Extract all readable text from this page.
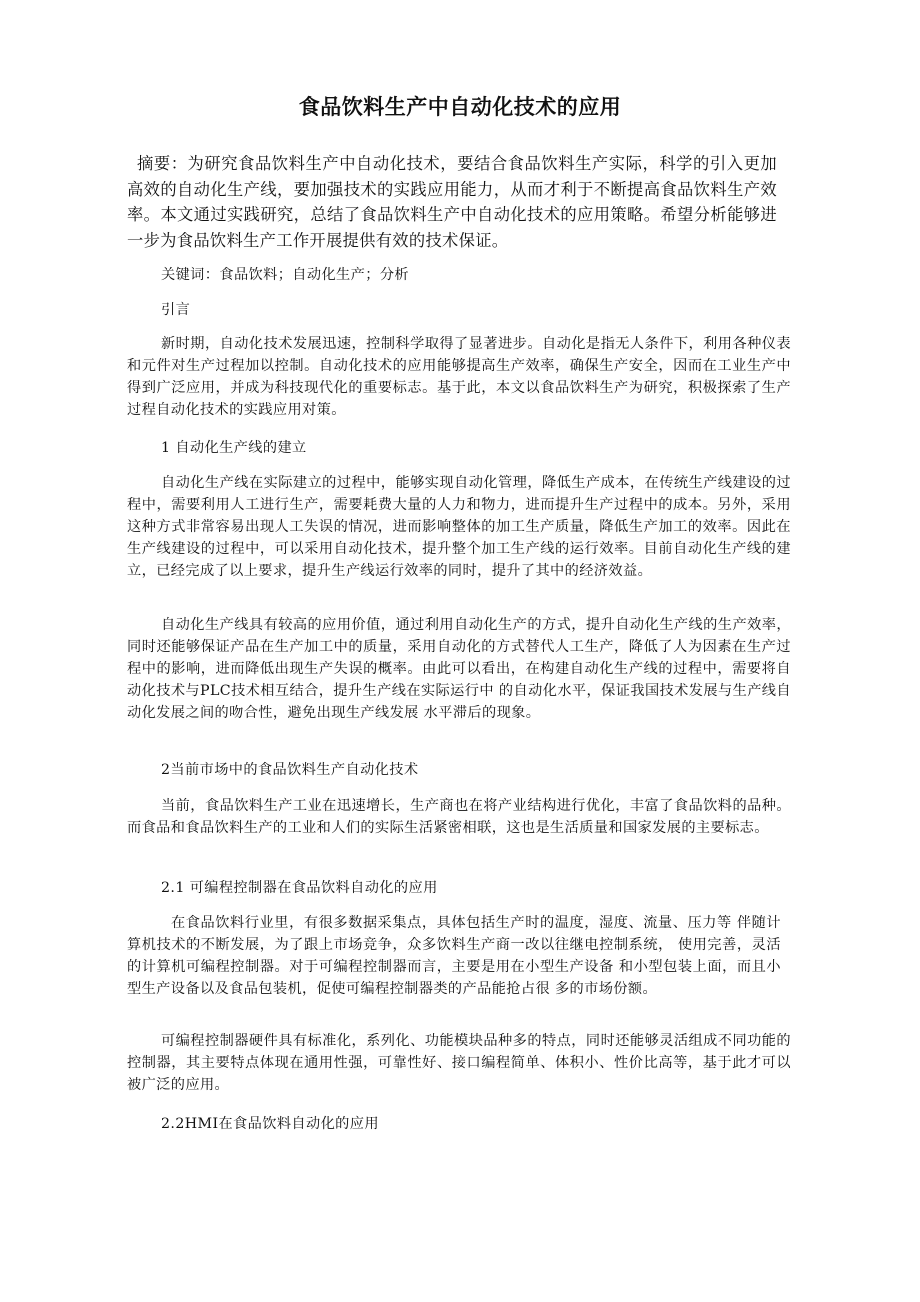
食品饮料生产中自动化技术的应用
摘要：为研究食品饮料生产中自动化技术，要结合食品饮料生产实际，科学的引入更加高效的自动化生产线，要加强技术的实践应用能力，从而才利于不断提高食品饮料生产效率。本文通过实践研究，总结了食品饮料生产中自动化技术的应用策略。希望分析能够进一步为食品饮料生产工作开展提供有效的技术保证。
关键词：食品饮料；自动化生产；分析
引言
新时期，自动化技术发展迅速，控制科学取得了显著进步。自动化是指无人条件下，利用各种仪表和元件对生产过程加以控制。自动化技术的应用能够提高生产效率，确保生产安全，因而在工业生产中得到广泛应用，并成为科技现代化的重要标志。基于此，本文以食品饮料生产为研究，积极探索了生产过程自动化技术的实践应用对策。
1 自动化生产线的建立
自动化生产线在实际建立的过程中，能够实现自动化管理，降低生产成本，在传统生产线建设的过程中，需要利用人工进行生产，需要耗费大量的人力和物力，进而提升生产过程中的成本。另外，采用这种方式非常容易出现人工失误的情况，进而影响整体的加工生产质量，降低生产加工的效率。因此在生产线建设的过程中，可以采用自动化技术，提升整个加工生产线的运行效率。目前自动化生产线的建立，已经完成了以上要求，提升生产线运行效率的同时，提升了其中的经济效益。
自动化生产线具有较高的应用价值，通过利用自动化生产的方式，提升自动化生产线的生产效率，同时还能够保证产品在生产加工中的质量，采用自动化的方式替代人工生产，降低了人为因素在生产过程中的影响，进而降低出现生产失误的概率。由此可以看出，在构建自动化生产线的过程中，需要将自动化技术与PLC技术相互结合，提升生产线在实际运行中 的自动化水平，保证我国技术发展与生产线自动化发展之间的吻合性，避免出现生产线发展 水平滞后的现象。
2当前市场中的食品饮料生产自动化技术
当前，食品饮料生产工业在迅速增长，生产商也在将产业结构进行优化，丰富了食品饮料的品种。而食品和食品饮料生产的工业和人们的实际生活紧密相联，这也是生活质量和国家发展的主要标志。
2.1 可编程控制器在食品饮料自动化的应用
在食品饮料行业里，有很多数据采集点，具体包括生产时的温度，湿度、流量、压力等 伴随计算机技术的不断发展，为了跟上市场竞争，众多饮料生产商一改以往继电控制系统， 使用完善，灵活的计算机可编程控制器。对于可编程控制器而言，主要是用在小型生产设备 和小型包装上面，而且小型生产设备以及食品包装机，促使可编程控制器类的产品能抢占很 多的市场份额。
可编程控制器硬件具有标准化，系列化、功能模块品种多的特点，同时还能够灵活组成不同功能的控制器，其主要特点体现在通用性强，可靠性好、接口编程简单、体积小、性价比高等，基于此才可以被广泛的应用。
2.2HMI在食品饮料自动化的应用
